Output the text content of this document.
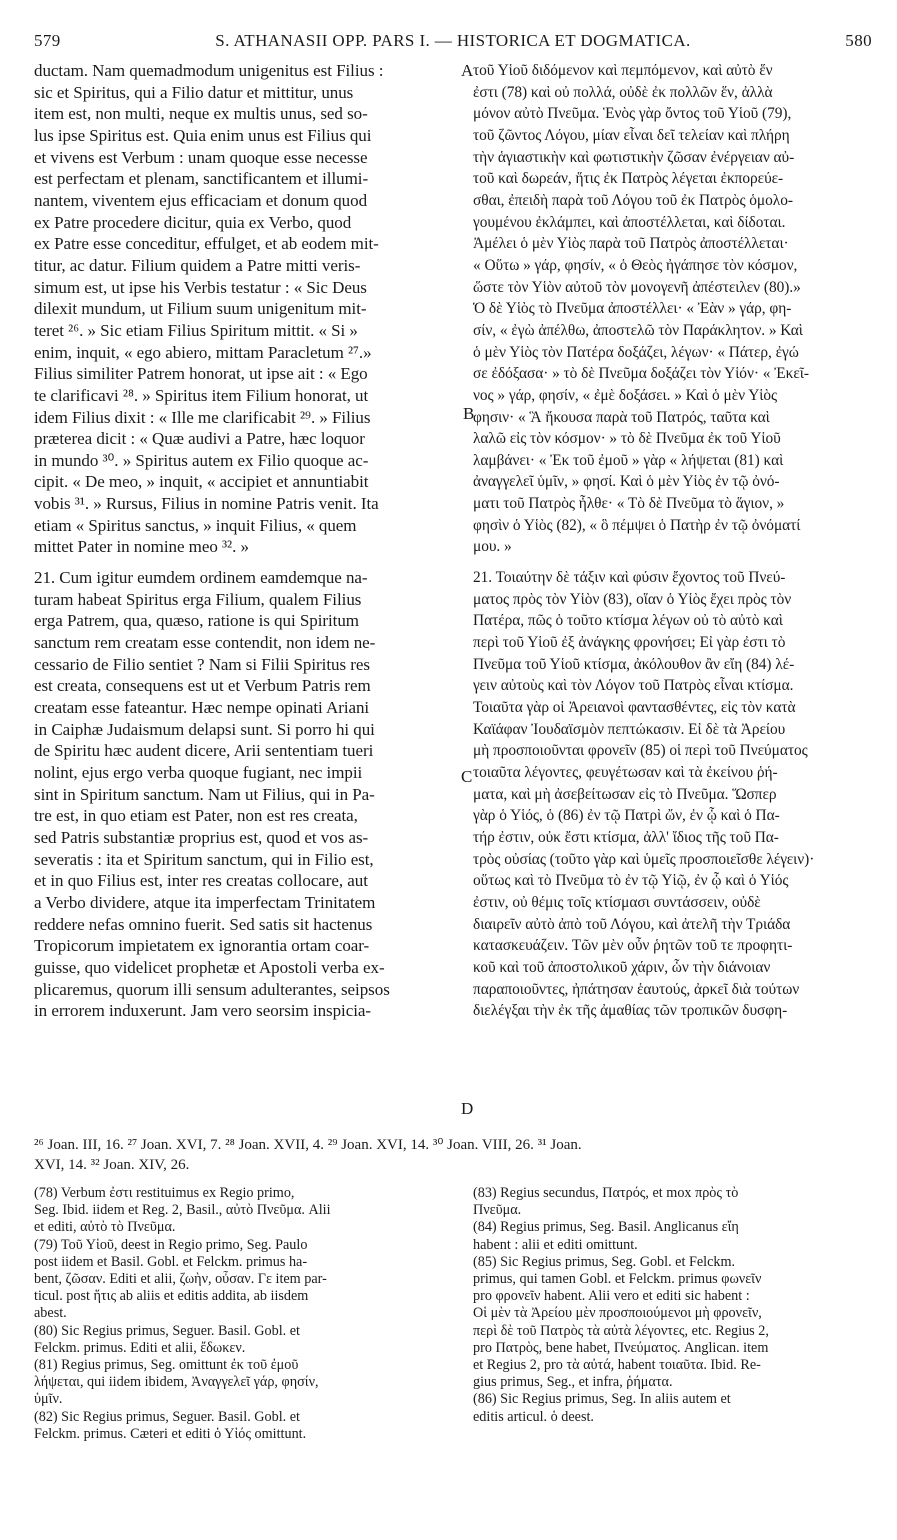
579	S. ATHANASII OPP. PARS I. — HISTORICA ET DOGMATICA.	580

ductam. Nam quemadmodum unigenitus est Filius :

sic et Spiritus, qui a Filio datur et mittitur, unus

item est, non multi, neque ex multis unus, sed so-

lus ipse Spiritus est. Quia enim unus est Filius qui

et vivens est Verbum : unam quoque esse necesse

est perfectam et plenam, sanctificantem et illumi-

nantem, viventem ejus efficaciam et donum quod

ex Patre procedere dicitur, quia ex Verbo, quod

ex Patre esse conceditur, effulget, et ab eodem mit-

titur, ac datur. Filium quidem a Patre mitti veris-

simum est, ut ipse his Verbis testatur : « Sic Deus

dilexit mundum, ut Filium suum unigenitum mit-

teret ²⁶. » Sic etiam Filius Spiritum mittit. « Si »

enim, inquit, « ego abiero, mittam Paracletum ²⁷.»

Filius similiter Patrem honorat, ut ipse ait : « Ego

te clarificavi ²⁸. » Spiritus item Filium honorat, ut

idem Filius dixit : « Ille me clarificabit ²⁹. » Filius

præterea dicit : « Quæ audivi a Patre, hæc loquor

in mundo ³⁰. » Spiritus autem ex Filio quoque ac-

cipit. « De meo, » inquit, « accipiet et annuntiabit

vobis ³¹. » Rursus, Filius in nomine Patris venit. Ita

etiam « Spiritus sanctus, » inquit Filius, « quem

mittet Pater in nomine meo ³². »

21. Cum igitur eumdem ordinem eamdemque na-

turam habeat Spiritus erga Filium, qualem Filius

erga Patrem, qua, quæso, ratione is qui Spiritum

sanctum rem creatam esse contendit, non idem ne-

cessario de Filio sentiet ? Nam si Filii Spiritus res

est creata, consequens est ut et Verbum Patris rem

creatam esse fateantur. Hæc nempe opinati Ariani

in Caiphæ Judaismum delapsi sunt. Si porro hi qui

de Spiritu hæc audent dicere, Arii sententiam tueri

nolint, ejus ergo verba quoque fugiant, nec impii

sint in Spiritum sanctum. Nam ut Filius, qui in Pa-

tre est, in quo etiam est Pater, non est res creata,

sed Patris substantiæ proprius est, quod et vos as-

severatis : ita et Spiritum sanctum, qui in Filio est,

et in quo Filius est, inter res creatas collocare, aut

a Verbo dividere, atque ita imperfectam Trinitatem

reddere nefas omnino fuerit. Sed satis sit hactenus

Tropicorum impietatem ex ignorantia ortam coar-

guisse, quo videlicet prophetæ et Apostoli verba ex-

plicaremus, quorum illi sensum adulterantes, seipsos

in errorem induxerunt. Jam vero seorsim inspicia-

τοῦ Υἱοῦ διδόμενον καὶ πεμπόμενον, καὶ αὐτὸ ἕν

ἐστι (78) καὶ οὐ πολλά, οὐδὲ ἐκ πολλῶν ἕν, ἀλλὰ

μόνον αὐτὸ Πνεῦμα. Ἑνὸς γὰρ ὄντος τοῦ Υἱοῦ (79),

τοῦ ζῶντος Λόγου, μίαν εἶναι δεῖ τελείαν καὶ πλήρη

τὴν ἁγιαστικὴν καὶ φωτιστικὴν ζῶσαν ἐνέργειαν αὐ-

τοῦ καὶ δωρεάν, ἥτις ἐκ Πατρὸς λέγεται ἐκπορεύε-

σθαι, ἐπειδὴ παρὰ τοῦ Λόγου τοῦ ἐκ Πατρὸς ὁμολο-

γουμένου ἐκλάμπει, καὶ ἀποστέλλεται, καὶ δίδοται.

Ἀμέλει ὁ μὲν Υἱὸς παρὰ τοῦ Πατρὸς ἀποστέλλεται·

« Οὕτω » γάρ, φησίν, « ὁ Θεὸς ἠγάπησε τὸν κόσμον,

ὥστε τὸν Υἱὸν αὐτοῦ τὸν μονογενῆ ἀπέστειλεν (80).»

Ὁ δὲ Υἱὸς τὸ Πνεῦμα ἀποστέλλει· « Ἐὰν » γάρ, φη-

σίν, « ἐγὼ ἀπέλθω, ἀποστελῶ τὸν Παράκλητον. » Καὶ

ὁ μὲν Υἱὸς τὸν Πατέρα δοξάζει, λέγων· « Πάτερ, ἐγώ

σε ἐδόξασα· » τὸ δὲ Πνεῦμα δοξάζει τὸν Υἱόν· « Ἐκεῖ-

νος » γάρ, φησίν, « ἐμὲ δοξάσει. » Καὶ ὁ μὲν Υἱὸς

φησιν· « Ἃ ἤκουσα παρὰ τοῦ Πατρός, ταῦτα καὶ

λαλῶ εἰς τὸν κόσμον· » τὸ δὲ Πνεῦμα ἐκ τοῦ Υἱοῦ

λαμβάνει· « Ἐκ τοῦ ἐμοῦ » γὰρ « λήψεται (81) καὶ

ἀναγγελεῖ ὑμῖν, » φησί. Καὶ ὁ μὲν Υἱὸς ἐν τῷ ὀνό-

ματι τοῦ Πατρὸς ἦλθε· « Τὸ δὲ Πνεῦμα τὸ ἅγιον, »

φησὶν ὁ Υἱὸς (82), « ὃ πέμψει ὁ Πατὴρ ἐν τῷ ὀνόματί

μου. »

21. Τοιαύτην δὲ τάξιν καὶ φύσιν ἔχοντος τοῦ Πνεύ-

ματος πρὸς τὸν Υἱὸν (83), οἵαν ὁ Υἱὸς ἔχει πρὸς τὸν

Πατέρα, πῶς ὁ τοῦτο κτίσμα λέγων οὐ τὸ αὐτὸ καὶ

περὶ τοῦ Υἱοῦ ἐξ ἀνάγκης φρονήσει; Εἰ γὰρ ἐστι τὸ

Πνεῦμα τοῦ Υἱοῦ κτίσμα, ἀκόλουθον ἂν εἴη (84) λέ-

γειν αὐτοὺς καὶ τὸν Λόγον τοῦ Πατρὸς εἶναι κτίσμα.

Τοιαῦτα γὰρ οἱ Ἀρειανοὶ φαντασθέντες, εἰς τὸν κατὰ

Καϊάφαν Ἰουδαϊσμὸν πεπτώκασιν. Εἰ δὲ τὰ Ἀρείου

μὴ προσποιοῦνται φρονεῖν (85) οἱ περὶ τοῦ Πνεύματος

τοιαῦτα λέγοντες, φευγέτωσαν καὶ τὰ ἐκείνου ῥή-

ματα, καὶ μὴ ἀσεβείτωσαν εἰς τὸ Πνεῦμα. Ὥσπερ

γὰρ ὁ Υἱός, ὁ (86) ἐν τῷ Πατρὶ ὤν, ἐν ᾧ καὶ ὁ Πα-

τήρ ἐστιν, οὐκ ἔστι κτίσμα, ἀλλ' ἴδιος τῆς τοῦ Πα-

τρὸς οὐσίας (τοῦτο γὰρ καὶ ὑμεῖς προσποιεῖσθε λέγειν)·

οὕτως καὶ τὸ Πνεῦμα τὸ ἐν τῷ Υἱῷ, ἐν ᾧ καὶ ὁ Υἱός

ἐστιν, οὐ θέμις τοῖς κτίσμασι συντάσσειν, οὐδὲ

διαιρεῖν αὐτὸ ἀπὸ τοῦ Λόγου, καὶ ἀτελῆ τὴν Τριάδα

κατασκευάζειν. Τῶν μὲν οὖν ῥητῶν τοῦ τε προφητι-

κοῦ καὶ τοῦ ἀποστολικοῦ χάριν, ὧν τὴν διάνοιαν

παραποιοῦντες, ἠπάτησαν ἑαυτούς, ἀρκεῖ διὰ τούτων

διελέγξαι τὴν ἐκ τῆς ἀμαθίας τῶν τροπικῶν δυσφη-

A
B
C
D

²⁶ Joan. III, 16. ²⁷ Joan. XVI, 7. ²⁸ Joan. XVII, 4. ²⁹ Joan. XVI, 14. ³⁰ Joan. VIII, 26. ³¹ Joan.

XVI, 14. ³² Joan. XIV, 26.

(78) Verbum ἐστι restituimus ex Regio primo,

Seg. Ibid. iidem et Reg. 2, Basil., αὐτὸ Πνεῦμα. Alii

et editi, αὐτὸ τὸ Πνεῦμα.

(79) Τοῦ Υἱοῦ, deest in Regio primo, Seg. Paulo

post iidem et Basil. Gobl. et Felckm. primus ha-

bent, ζῶσαν. Editi et alii, ζωὴν, οὖσαν. Γε item par-

ticul. post ἥτις ab aliis et editis addita, ab iisdem

abest.

(80) Sic Regius primus, Seguer. Basil. Gobl. et

Felckm. primus. Editi et alii, ἔδωκεν.

(81) Regius primus, Seg. omittunt ἐκ τοῦ ἐμοῦ

λήψεται, qui iidem ibidem, Ἀναγγελεῖ γάρ, φησίν,

ὑμῖν.

(82) Sic Regius primus, Seguer. Basil. Gobl. et

Felckm. primus. Cæteri et editi ὁ Υἱός omittunt.

(83) Regius secundus, Πατρός, et mox πρὸς τὸ

Πνεῦμα.

(84) Regius primus, Seg. Basil. Anglicanus εἴη

habent : alii et editi omittunt.

(85) Sic Regius primus, Seg. Gobl. et Felckm.

primus, qui tamen Gobl. et Felckm. primus φωνεῖν

pro φρονεῖν habent. Alii vero et editi sic habent :

Οἱ μὲν τὰ Ἀρείου μὲν προσποιούμενοι μὴ φρονεῖν,

περὶ δὲ τοῦ Πατρὸς τὰ αὐτὰ λέγοντες, etc. Regius 2,

pro Πατρὸς, bene habet, Πνεύματος. Anglican. item

et Regius 2, pro τὰ αὐτά, habent τοιαῦτα. Ibid. Re-

gius primus, Seg., et infra, ῥήματα.

(86) Sic Regius primus, Seg. In aliis autem et

editis articul. ὁ deest.
